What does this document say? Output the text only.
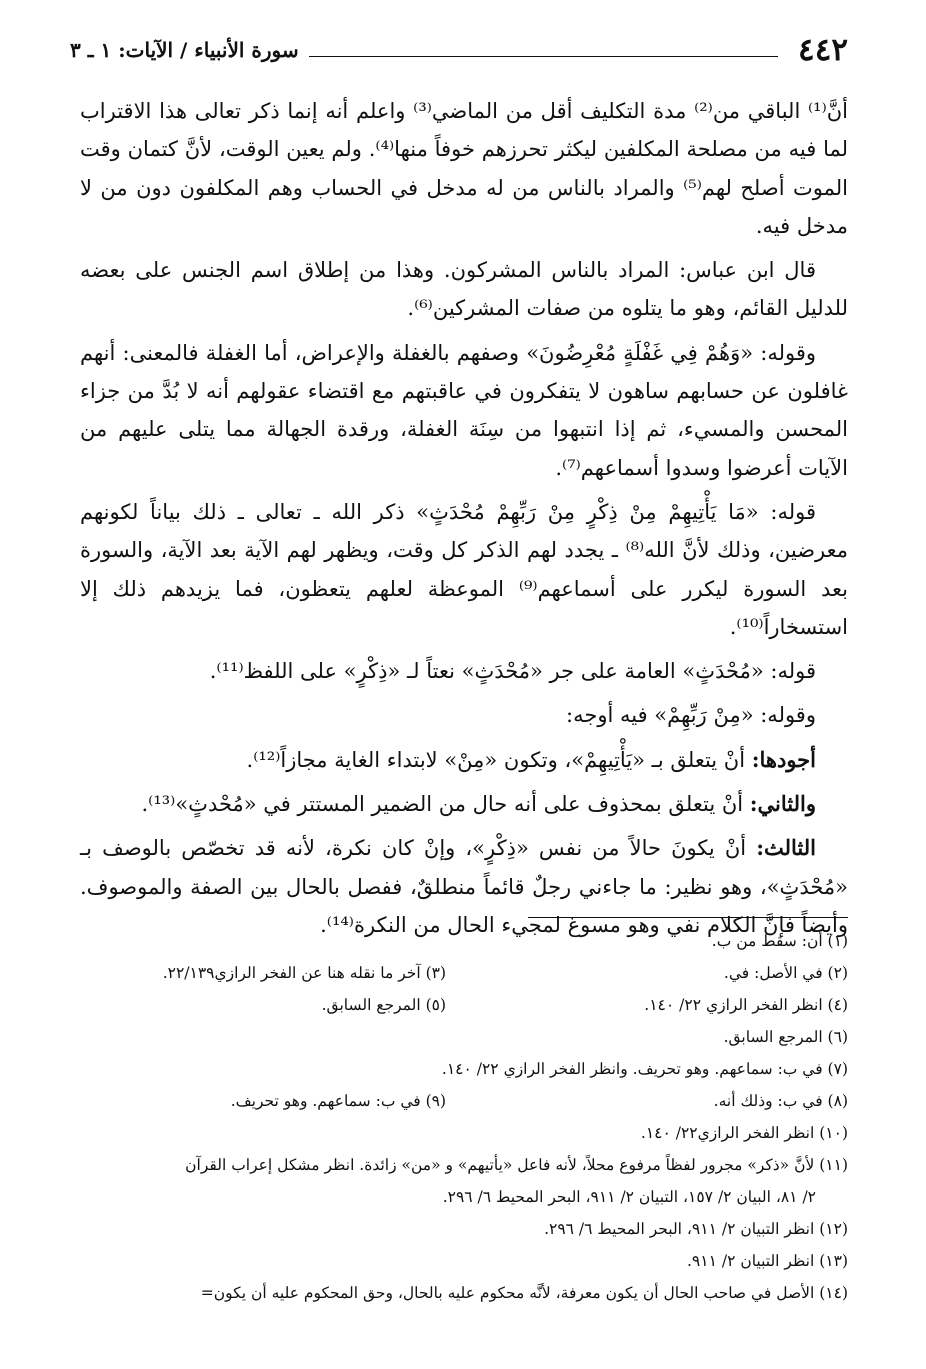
٤٤٢
سورة الأنبياء / الآيات: ١ ـ ٣

أنَّ⁽¹⁾ الباقي من⁽²⁾ مدة التكليف أقل من الماضي⁽³⁾ واعلم أنه إنما ذكر تعالى هذا الاقتراب لما فيه من مصلحة المكلفين ليكثر تحرزهم خوفاً منها⁽⁴⁾. ولم يعين الوقت، لأنَّ كتمان وقت الموت أصلح لهم⁽⁵⁾ والمراد بالناس من له مدخل في الحساب وهم المكلفون دون من لا مدخل فيه.

قال ابن عباس: المراد بالناس المشركون. وهذا من إطلاق اسم الجنس على بعضه للدليل القائم، وهو ما يتلوه من صفات المشركين⁽⁶⁾.

وقوله: «وَهُمْ فِي غَفْلَةٍ مُعْرِضُونَ» وصفهم بالغفلة والإعراض، أما الغفلة فالمعنى: أنهم غافلون عن حسابهم ساهون لا يتفكرون في عاقبتهم مع اقتضاء عقولهم أنه لا بُدَّ من جزاء المحسن والمسيء، ثم إذا انتبهوا من سِنَة الغفلة، ورقدة الجهالة مما يتلى عليهم من الآيات أعرضوا وسدوا أسماعهم⁽⁷⁾.

قوله: «مَا يَأْتِيهِمْ مِنْ ذِكْرٍ مِنْ رَبِّهِمْ مُحْدَثٍ» ذكر الله ـ تعالى ـ ذلك بياناً لكونهم معرضين، وذلك لأنَّ الله⁽⁸⁾ ـ يجدد لهم الذكر كل وقت، ويظهر لهم الآية بعد الآية، والسورة بعد السورة ليكرر على أسماعهم⁽⁹⁾ الموعظة لعلهم يتعظون، فما يزيدهم ذلك إلا استسخاراً⁽¹⁰⁾.

قوله: «مُحْدَثٍ» العامة على جر «مُحْدَثٍ» نعتاً لـ «ذِكْرٍ» على اللفظ⁽¹¹⁾.

وقوله: «مِنْ رَبِّهِمْ» فيه أوجه:

أجودها: أنْ يتعلق بـ «يَأْتِيهِمْ»، وتكون «مِنْ» لابتداء الغاية مجازاً⁽¹²⁾.

والثاني: أنْ يتعلق بمحذوف على أنه حال من الضمير المستتر في «مُحْدثٍ»⁽¹³⁾.

الثالث: أنْ يكونَ حالاً من نفس «ذِكْرٍ»، وإنْ كان نكرة، لأنه قد تخصّص بالوصف بـ «مُحْدَثٍ»، وهو نظير: ما جاءني رجلٌ قائماً منطلقٌ، ففصل بالحال بين الصفة والموصوف. وأيضاً فإنَّ الكلام نفي وهو مسوغ لمجيء الحال من النكرة⁽¹⁴⁾.

(١) أن: سقط من ب.
(٢) في الأصل: في.
(٣) آخر ما نقله هنا عن الفخر الرازي٢٢/١٣٩.
(٤) انظر الفخر الرازي ٢٢/ ١٤٠.
(٥) المرجع السابق.
(٦) المرجع السابق.
(٧) في ب: سماعهم. وهو تحريف. وانظر الفخر الرازي ٢٢/ ١٤٠.
(٨) في ب: وذلك أنه.
(٩) في ب: سماعهم. وهو تحريف.
(١٠) انظر الفخر الرازي٢٢/ ١٤٠.
(١١) لأنَّ «ذكر» مجرور لفظاً مرفوع محلاً، لأنه فاعل «يأتيهم» و «من» زائدة. انظر مشكل إعراب القرآن
٢/ ٨١، البيان ٢/ ١٥٧، التبيان ٢/ ٩١١، البحر المحيط ٦/ ٢٩٦.
(١٢) انظر التبيان ٢/ ٩١١، البحر المحيط ٦/ ٢٩٦.
(١٣) انظر التبيان ٢/ ٩١١.
(١٤) الأصل في صاحب الحال أن يكون معرفة، لأنَّه محكوم عليه بالحال، وحق المحكوم عليه أن يكون=
